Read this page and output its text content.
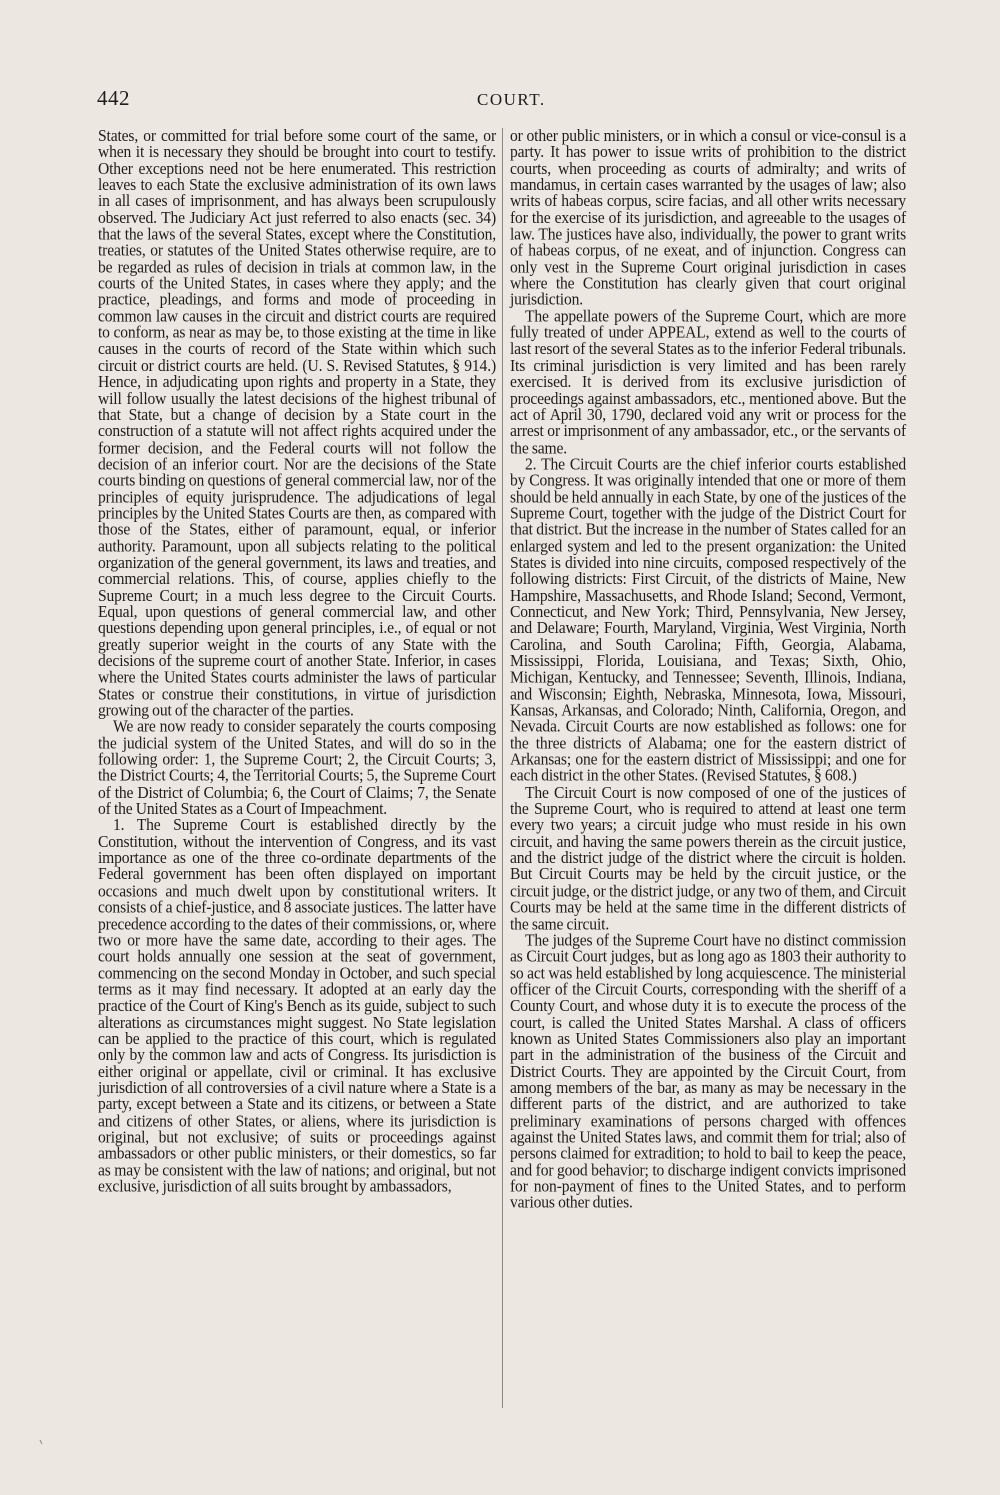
442	COURT.

States, or committed for trial before some court of the same, or when it is necessary they should be brought into court to testify. Other exceptions need not be here enumerated. This restriction leaves to each State the exclusive administration of its own laws in all cases of imprisonment, and has always been scrupulously observed. The Judiciary Act just referred to also enacts (sec. 34) that the laws of the several States, except where the Constitution, treaties, or statutes of the United States otherwise require, are to be regarded as rules of decision in trials at common law, in the courts of the United States, in cases where they apply; and the practice, pleadings, and forms and mode of proceeding in common law causes in the circuit and district courts are required to conform, as near as may be, to those existing at the time in like causes in the courts of record of the State within which such circuit or district courts are held. (U. S. Revised Statutes, § 914.) Hence, in adjudicating upon rights and property in a State, they will follow usually the latest decisions of the highest tribunal of that State, but a change of decision by a State court in the construction of a statute will not affect rights acquired under the former decision, and the Federal courts will not follow the decision of an inferior court. Nor are the decisions of the State courts binding on questions of general commercial law, nor of the principles of equity jurisprudence. The adjudications of legal principles by the United States Courts are then, as compared with those of the States, either of paramount, equal, or inferior authority. Paramount, upon all subjects relating to the political organization of the general government, its laws and treaties, and commercial relations. This, of course, applies chiefly to the Supreme Court; in a much less degree to the Circuit Courts. Equal, upon questions of general commercial law, and other questions depending upon general principles, i.e., of equal or not greatly superior weight in the courts of any State with the decisions of the supreme court of another State. Inferior, in cases where the United States courts administer the laws of particular States or construe their constitutions, in virtue of jurisdiction growing out of the character of the parties.

We are now ready to consider separately the courts composing the judicial system of the United States, and will do so in the following order: 1, the Supreme Court; 2, the Circuit Courts; 3, the District Courts; 4, the Territorial Courts; 5, the Supreme Court of the District of Columbia; 6, the Court of Claims; 7, the Senate of the United States as a Court of Impeachment.

1. The Supreme Court is established directly by the Constitution, without the intervention of Congress, and its vast importance as one of the three co-ordinate departments of the Federal government has been often displayed on important occasions and much dwelt upon by constitutional writers. It consists of a chief-justice, and 8 associate justices. The latter have precedence according to the dates of their commissions, or, where two or more have the same date, according to their ages. The court holds annually one session at the seat of government, commencing on the second Monday in October, and such special terms as it may find necessary. It adopted at an early day the practice of the Court of King's Bench as its guide, subject to such alterations as circumstances might suggest. No State legislation can be applied to the practice of this court, which is regulated only by the common law and acts of Congress. Its jurisdiction is either original or appellate, civil or criminal. It has exclusive jurisdiction of all controversies of a civil nature where a State is a party, except between a State and its citizens, or between a State and citizens of other States, or aliens, where its jurisdiction is original, but not exclusive; of suits or proceedings against ambassadors or other public ministers, or their domestics, so far as may be consistent with the law of nations; and original, but not exclusive, jurisdiction of all suits brought by ambassadors,

or other public ministers, or in which a consul or vice-consul is a party. It has power to issue writs of prohibition to the district courts, when proceeding as courts of admiralty; and writs of mandamus, in certain cases warranted by the usages of law; also writs of habeas corpus, scire facias, and all other writs necessary for the exercise of its jurisdiction, and agreeable to the usages of law. The justices have also, individually, the power to grant writs of habeas corpus, of ne exeat, and of injunction. Congress can only vest in the Supreme Court original jurisdiction in cases where the Constitution has clearly given that court original jurisdiction.

The appellate powers of the Supreme Court, which are more fully treated of under APPEAL, extend as well to the courts of last resort of the several States as to the inferior Federal tribunals. Its criminal jurisdiction is very limited and has been rarely exercised. It is derived from its exclusive jurisdiction of proceedings against ambassadors, etc., mentioned above. But the act of April 30, 1790, declared void any writ or process for the arrest or imprisonment of any ambassador, etc., or the servants of the same.

2. The Circuit Courts are the chief inferior courts established by Congress. It was originally intended that one or more of them should be held annually in each State, by one of the justices of the Supreme Court, together with the judge of the District Court for that district. But the increase in the number of States called for an enlarged system and led to the present organization: the United States is divided into nine circuits, composed respectively of the following districts: First Circuit, of the districts of Maine, New Hampshire, Massachusetts, and Rhode Island; Second, Vermont, Connecticut, and New York; Third, Pennsylvania, New Jersey, and Delaware; Fourth, Maryland, Virginia, West Virginia, North Carolina, and South Carolina; Fifth, Georgia, Alabama, Mississippi, Florida, Louisiana, and Texas; Sixth, Ohio, Michigan, Kentucky, and Tennessee; Seventh, Illinois, Indiana, and Wisconsin; Eighth, Nebraska, Minnesota, Iowa, Missouri, Kansas, Arkansas, and Colorado; Ninth, California, Oregon, and Nevada. Circuit Courts are now established as follows: one for the three districts of Alabama; one for the eastern district of Arkansas; one for the eastern district of Mississippi; and one for each district in the other States. (Revised Statutes, § 608.)

The Circuit Court is now composed of one of the justices of the Supreme Court, who is required to attend at least one term every two years; a circuit judge who must reside in his own circuit, and having the same powers therein as the circuit justice, and the district judge of the district where the circuit is holden. But Circuit Courts may be held by the circuit justice, or the circuit judge, or the district judge, or any two of them, and Circuit Courts may be held at the same time in the different districts of the same circuit.

The judges of the Supreme Court have no distinct commission as Circuit Court judges, but as long ago as 1803 their authority to so act was held established by long acquiescence. The ministerial officer of the Circuit Courts, corresponding with the sheriff of a County Court, and whose duty it is to execute the process of the court, is called the United States Marshal. A class of officers known as United States Commissioners also play an important part in the administration of the business of the Circuit and District Courts. They are appointed by the Circuit Court, from among members of the bar, as many as may be necessary in the different parts of the district, and are authorized to take preliminary examinations of persons charged with offences against the United States laws, and commit them for trial; also of persons claimed for extradition; to hold to bail to keep the peace, and for good behavior; to discharge indigent convicts imprisoned for non-payment of fines to the United States, and to perform various other duties.
